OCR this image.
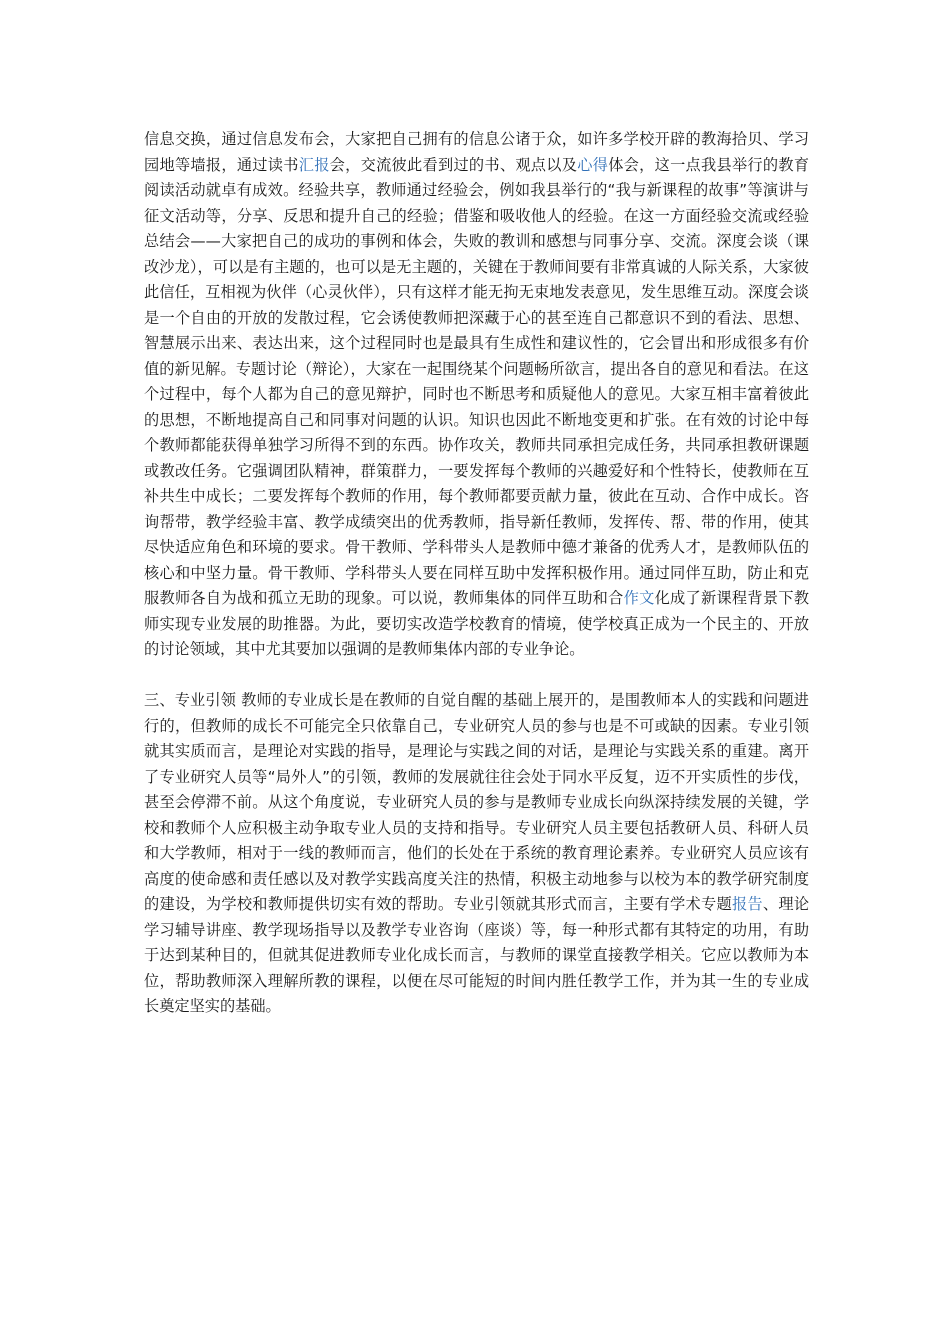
信息交换，通过信息发布会，大家把自己拥有的信息公诸于众，如许多学校开辟的教海拾贝、学习园地等墙报，通过读书汇报会，交流彼此看到过的书、观点以及心得体会，这一点我县举行的教育阅读活动就卓有成效。经验共享，教师通过经验会，例如我县举行的“我与新课程的故事”等演讲与征文活动等，分享、反思和提升自己的经验；借鉴和吸收他人的经验。在这一方面经验交流或经验总结会——大家把自己的成功的事例和体会，失败的教训和感想与同事分享、交流。深度会谈（课改沙龙），可以是有主题的，也可以是无主题的，关键在于教师间要有非常真诚的人际关系，大家彼此信任，互相视为伙伴（心灵伙伴），只有这样才能无拘无束地发表意见，发生思维互动。深度会谈是一个自由的开放的发散过程，它会诱使教师把深藏于心的甚至连自己都意识不到的看法、思想、智慧展示出来、表达出来，这个过程同时也是最具有生成性和建议性的，它会冒出和形成很多有价值的新见解。专题讨论（辩论），大家在一起围绕某个问题畅所欲言，提出各自的意见和看法。在这个过程中，每个人都为自己的意见辩护，同时也不断思考和质疑他人的意见。大家互相丰富着彼此的思想，不断地提高自己和同事对问题的认识。知识也因此不断地变更和扩张。在有效的讨论中每个教师都能获得单独学习所得不到的东西。协作攻关，教师共同承担完成任务，共同承担教研课题或教改任务。它强调团队精神，群策群力，一要发挥每个教师的兴趣爱好和个性特长，使教师在互补共生中成长；二要发挥每个教师的作用，每个教师都要贡献力量，彼此在互动、合作中成长。咨询帮带，教学经验丰富、教学成绩突出的优秀教师，指导新任教师，发挥传、帮、带的作用，使其尽快适应角色和环境的要求。骨干教师、学科带头人是教师中德才兼备的优秀人才，是教师队伍的核心和中坚力量。骨干教师、学科带头人要在同样互助中发挥积极作用。通过同伴互助，防止和克服教师各自为战和孤立无助的现象。可以说，教师集体的同伴互助和合作文化成了新课程背景下教师实现专业发展的助推器。为此，要切实改造学校教育的情境，使学校真正成为一个民主的、开放的讨论领域，其中尤其要加以强调的是教师集体内部的专业争论。

三、专业引领 教师的专业成长是在教师的自觉自醒的基础上展开的，是围教师本人的实践和问题进行的，但教师的成长不可能完全只依靠自己，专业研究人员的参与也是不可或缺的因素。专业引领就其实质而言，是理论对实践的指导，是理论与实践之间的对话，是理论与实践关系的重建。离开了专业研究人员等“局外人”的引领，教师的发展就往往会处于同水平反复，迈不开实质性的步伐，甚至会停滞不前。从这个角度说，专业研究人员的参与是教师专业成长向纵深持续发展的关键，学校和教师个人应积极主动争取专业人员的支持和指导。专业研究人员主要包括教研人员、科研人员和大学教师，相对于一线的教师而言，他们的长处在于系统的教育理论素养。专业研究人员应该有高度的使命感和责任感以及对教学实践高度关注的热情，积极主动地参与以校为本的教学研究制度的建设，为学校和教师提供切实有效的帮助。专业引领就其形式而言，主要有学术专题报告、理论学习辅导讲座、教学现场指导以及教学专业咨询（座谈）等，每一种形式都有其特定的功用，有助于达到某种目的，但就其促进教师专业化成长而言，与教师的课堂直接教学相关。它应以教师为本位，帮助教师深入理解所教的课程，以便在尽可能短的时间内胜任教学工作，并为其一生的专业成长奠定坚实的基础。
